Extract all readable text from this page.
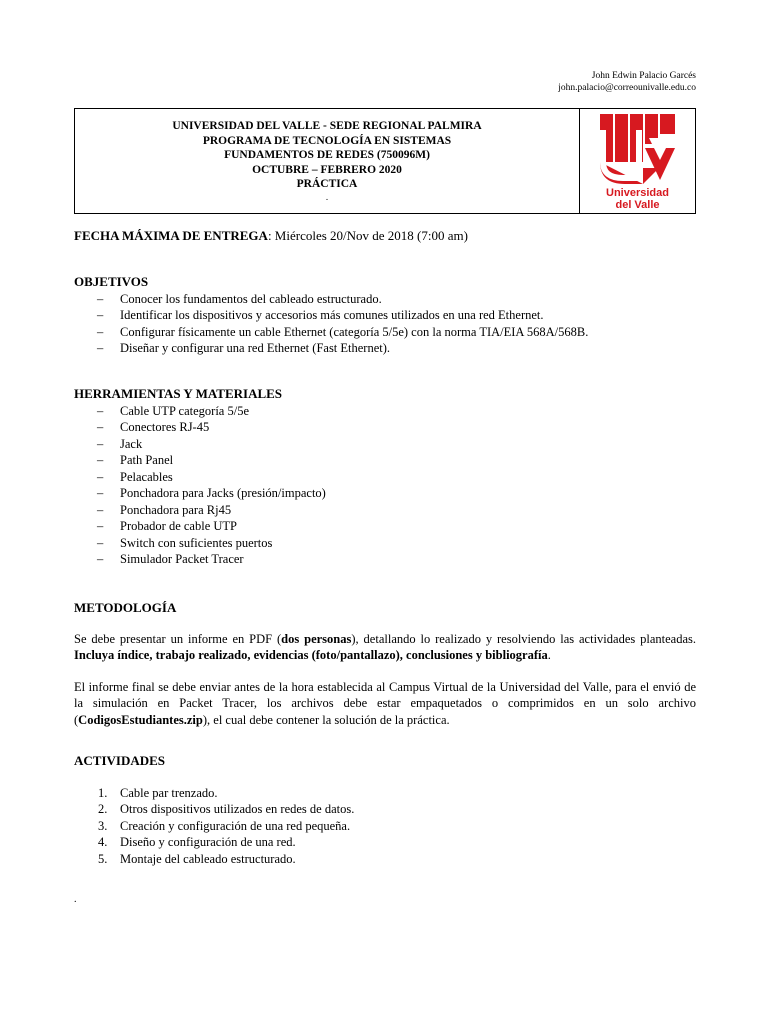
John Edwin Palacio Garcés
john.palacio@correounivalle.edu.co
UNIVERSIDAD DEL VALLE - SEDE REGIONAL PALMIRA
PROGRAMA DE TECNOLOGÍA EN SISTEMAS
FUNDAMENTOS DE REDES (750096M)
OCTUBRE – FEBRERO 2020
PRÁCTICA
.	Universidad
del Valle
FECHA MÁXIMA DE ENTREGA: Miércoles 20/Nov de 2018 (7:00 am)
OBJETIVOS
– Conocer los fundamentos del cableado estructurado.
– Identificar los dispositivos y accesorios más comunes utilizados en una red Ethernet.
– Configurar físicamente un cable Ethernet (categoría 5/5e) con la norma TIA/EIA 568A/568B.
– Diseñar y configurar una red Ethernet (Fast Ethernet).
HERRAMIENTAS Y MATERIALES
– Cable UTP categoría 5/5e
– Conectores RJ-45
– Jack
– Path Panel
– Pelacables
– Ponchadora para Jacks (presión/impacto)
– Ponchadora para Rj45
– Probador de cable UTP
– Switch con suficientes puertos
– Simulador Packet Tracer
METODOLOGÍA

Se debe presentar un informe en PDF (dos personas), detallando lo realizado y resolviendo las actividades planteadas. Incluya índice, trabajo realizado, evidencias (foto/pantallazo), conclusiones y bibliografía.

El informe final se debe enviar antes de la hora establecida al Campus Virtual de la Universidad del Valle, para el envió de la simulación en Packet Tracer, los archivos debe estar empaquetados o comprimidos en un solo archivo (CodigosEstudiantes.zip), el cual debe contener la solución de la práctica.

ACTIVIDADES
1. Cable par trenzado.
2. Otros dispositivos utilizados en redes de datos.
3. Creación y configuración de una red pequeña.
4. Diseño y configuración de una red.
5. Montaje del cableado estructurado.
.
